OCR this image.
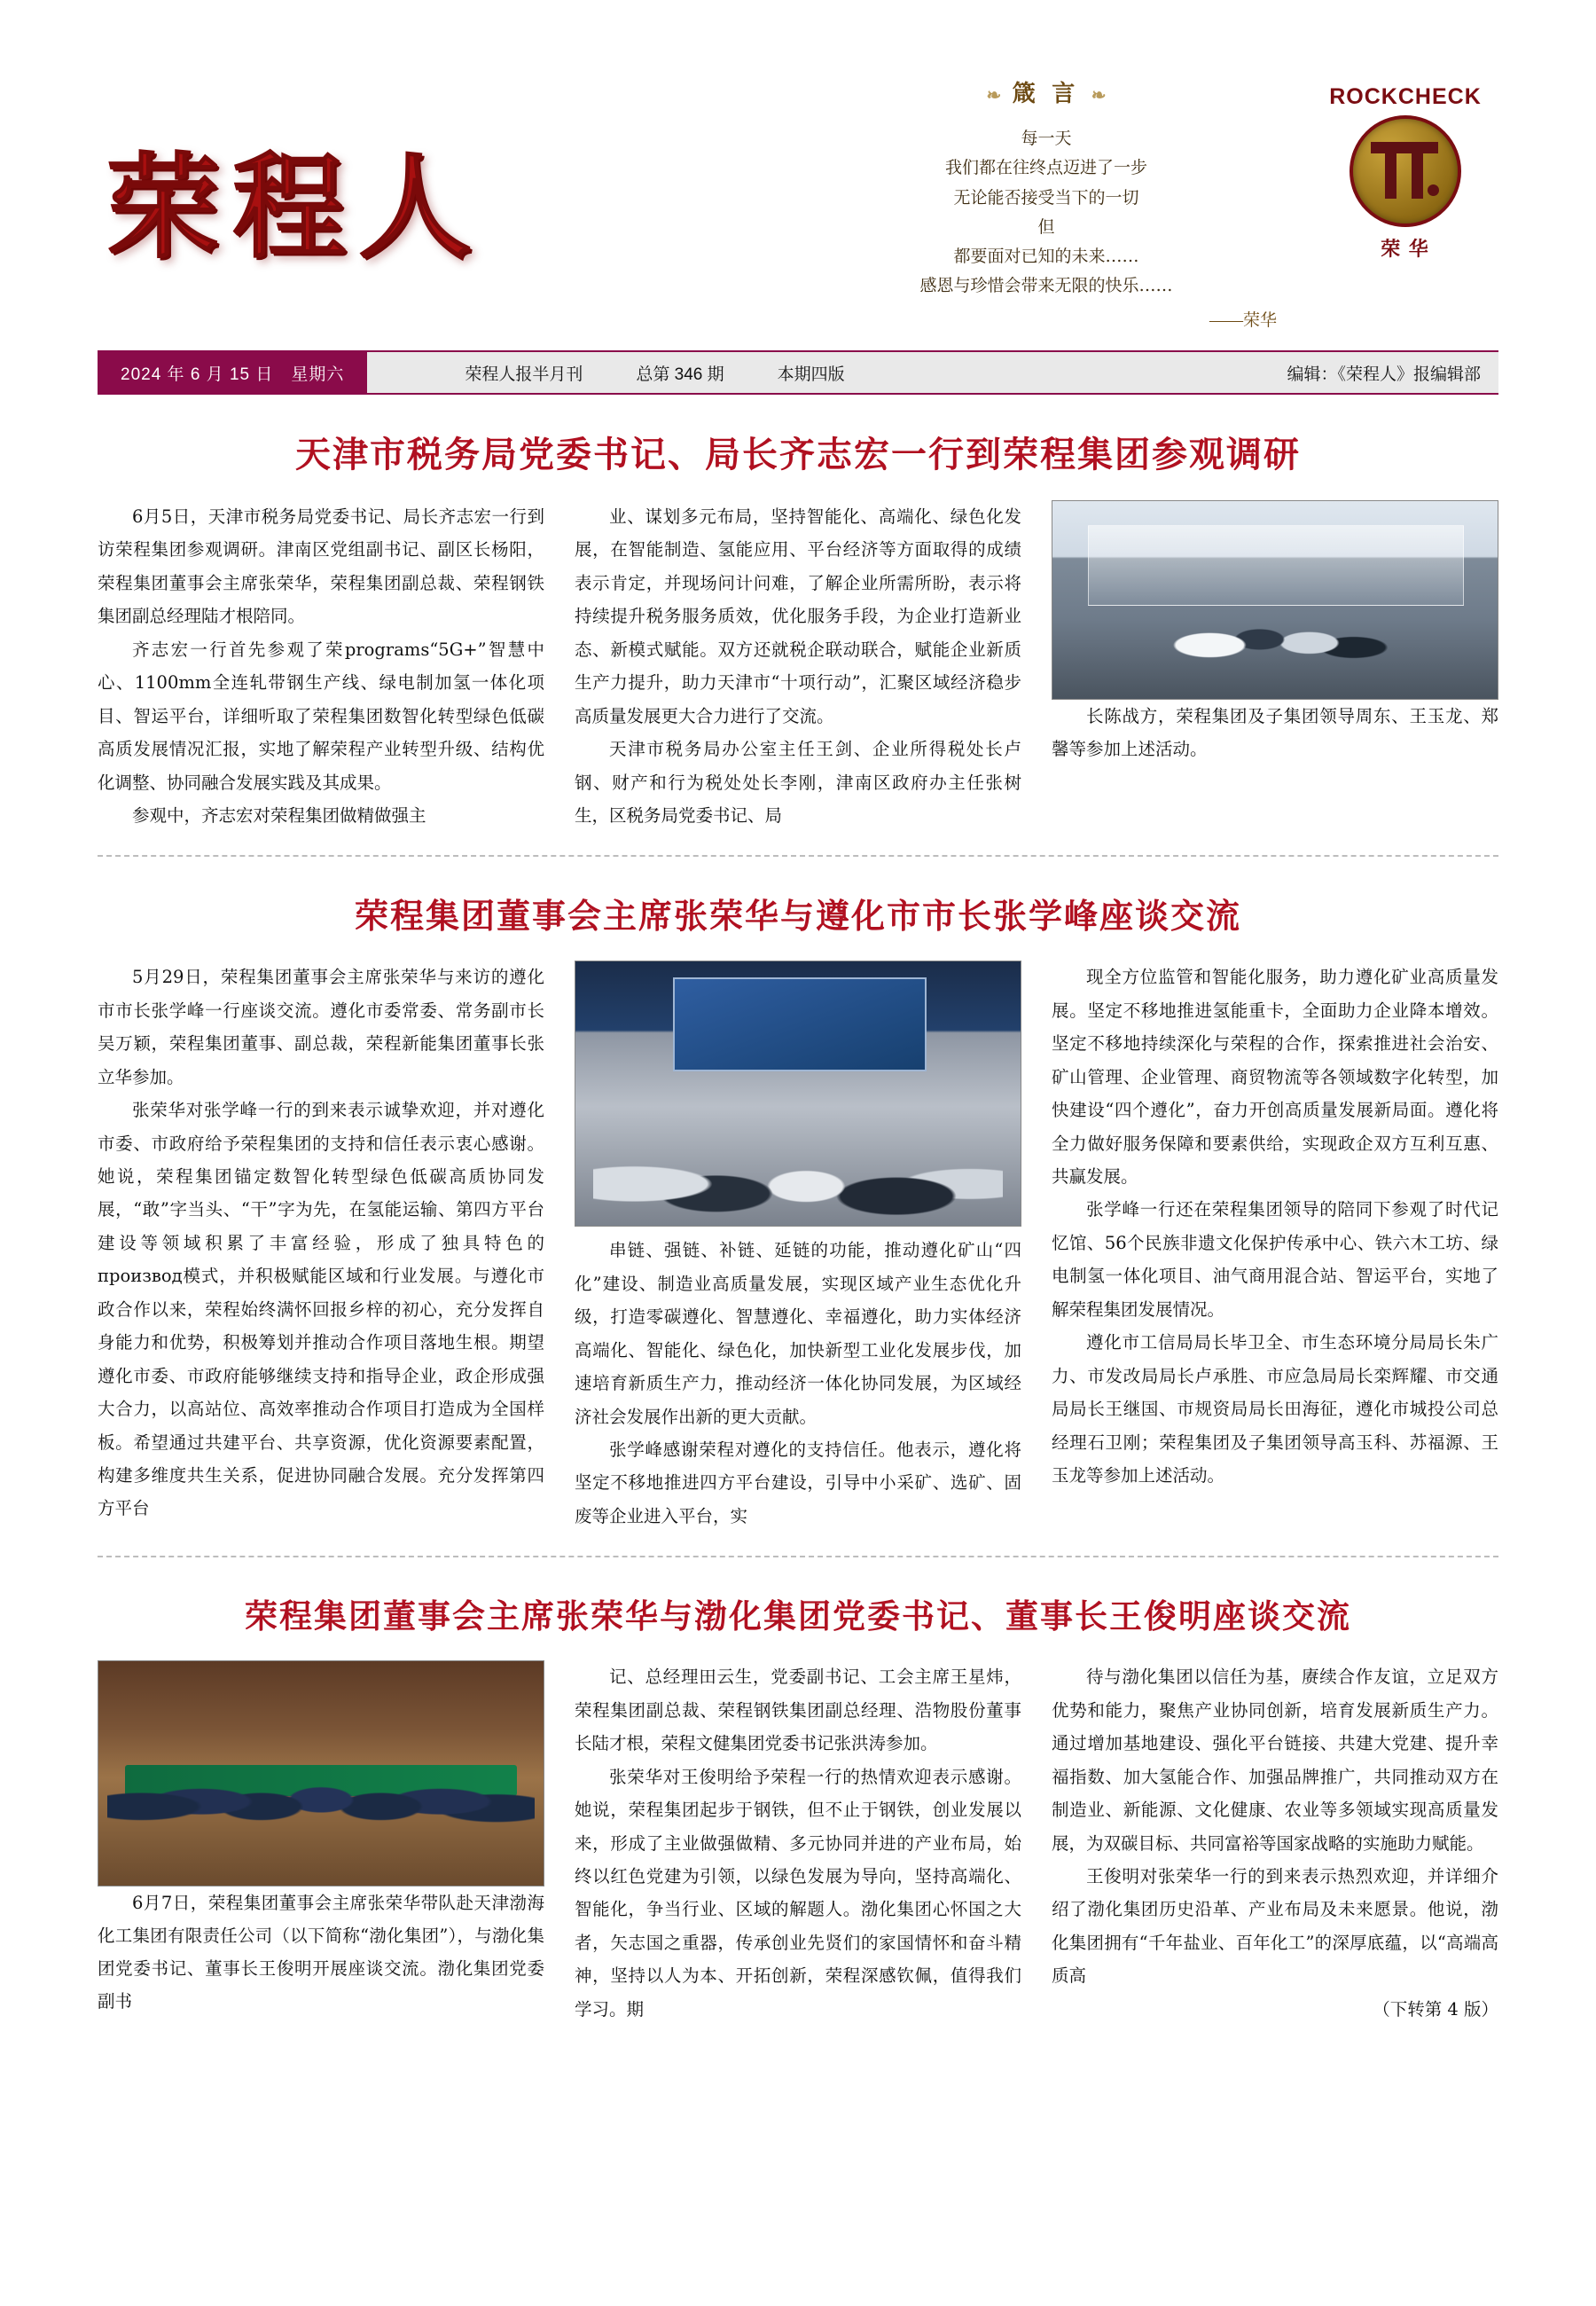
荣程人
❧ 箴 言 ❧
每一天
我们都在往终点迈进了一步
无论能否接受当下的一切
但
都要面对已知的未来……
感恩与珍惜会带来无限的快乐……
——荣华
ROCKCHECK
荣 华
2024 年 6 月 15 日　星期六	荣程人报半月刊	总第 346 期	本期四版	编辑：《荣程人》报编辑部
天津市税务局党委书记、局长齐志宏一行到荣程集团参观调研

6月5日，天津市税务局党委书记、局长齐志宏一行到访荣程集团参观调研。津南区党组副书记、副区长杨阳，荣程集团董事会主席张荣华，荣程集团副总裁、荣程钢铁集团副总经理陆才根陪同。

齐志宏一行首先参观了荣programs“5G+”智慧中心、1100mm全连轧带钢生产线、绿电制加氢一体化项目、智运平台，详细听取了荣程集团数智化转型绿色低碳高质发展情况汇报，实地了解荣程产业转型升级、结构优化调整、协同融合发展实践及其成果。

参观中，齐志宏对荣程集团做精做强主

业、谋划多元布局，坚持智能化、高端化、绿色化发展，在智能制造、氢能应用、平台经济等方面取得的成绩表示肯定，并现场问计问难，了解企业所需所盼，表示将持续提升税务服务质效，优化服务手段，为企业打造新业态、新模式赋能。双方还就税企联动联合，赋能企业新质生产力提升，助力天津市“十项行动”，汇聚区域经济稳步高质量发展更大合力进行了交流。

天津市税务局办公室主任王剑、企业所得税处长卢钢、财产和行为税处处长李刚，津南区政府办主任张树生，区税务局党委书记、局

长陈战方，荣程集团及子集团领导周东、王玉龙、郑馨等参加上述活动。

荣程集团董事会主席张荣华与遵化市市长张学峰座谈交流

5月29日，荣程集团董事会主席张荣华与来访的遵化市市长张学峰一行座谈交流。遵化市委常委、常务副市长吴万颖，荣程集团董事、副总裁，荣程新能集团董事长张立华参加。

张荣华对张学峰一行的到来表示诚挚欢迎，并对遵化市委、市政府给予荣程集团的支持和信任表示衷心感谢。她说，荣程集团锚定数智化转型绿色低碳高质协同发展，“敢”字当头、“干”字为先，在氢能运输、第四方平台建设等领域积累了丰富经验，形成了独具特色的производ模式，并积极赋能区域和行业发展。与遵化市政合作以来，荣程始终满怀回报乡梓的初心，充分发挥自身能力和优势，积极筹划并推动合作项目落地生根。期望遵化市委、市政府能够继续支持和指导企业，政企形成强大合力，以高站位、高效率推动合作项目打造成为全国样板。希望通过共建平台、共享资源，优化资源要素配置，构建多维度共生关系，促进协同融合发展。充分发挥第四方平台

串链、强链、补链、延链的功能，推动遵化矿山“四化”建设、制造业高质量发展，实现区域产业生态优化升级，打造零碳遵化、智慧遵化、幸福遵化，助力实体经济高端化、智能化、绿色化，加快新型工业化发展步伐，加速培育新质生产力，推动经济一体化协同发展，为区域经济社会发展作出新的更大贡献。

张学峰感谢荣程对遵化的支持信任。他表示，遵化将坚定不移地推进四方平台建设，引导中小采矿、选矿、固废等企业进入平台，实

现全方位监管和智能化服务，助力遵化矿业高质量发展。坚定不移地推进氢能重卡，全面助力企业降本增效。坚定不移地持续深化与荣程的合作，探索推进社会治安、矿山管理、企业管理、商贸物流等各领域数字化转型，加快建设“四个遵化”，奋力开创高质量发展新局面。遵化将全力做好服务保障和要素供给，实现政企双方互利互惠、共赢发展。

张学峰一行还在荣程集团领导的陪同下参观了时代记忆馆、56个民族非遗文化保护传承中心、铁六木工坊、绿电制氢一体化项目、油气商用混合站、智运平台，实地了解荣程集团发展情况。

遵化市工信局局长毕卫全、市生态环境分局局长朱广力、市发改局局长卢承胜、市应急局局长栾辉耀、市交通局局长王继国、市规资局局长田海征，遵化市城投公司总经理石卫刚；荣程集团及子集团领导高玉科、苏福源、王玉龙等参加上述活动。

荣程集团董事会主席张荣华与渤化集团党委书记、董事长王俊明座谈交流

6月7日，荣程集团董事会主席张荣华带队赴天津渤海化工集团有限责任公司（以下简称“渤化集团”），与渤化集团党委书记、董事长王俊明开展座谈交流。渤化集团党委副书

记、总经理田云生，党委副书记、工会主席王星炜，荣程集团副总裁、荣程钢铁集团副总经理、浩物股份董事长陆才根，荣程文健集团党委书记张洪涛参加。

张荣华对王俊明给予荣程一行的热情欢迎表示感谢。她说，荣程集团起步于钢铁，但不止于钢铁，创业发展以来，形成了主业做强做精、多元协同并进的产业布局，始终以红色党建为引领，以绿色发展为导向，坚持高端化、智能化，争当行业、区域的解题人。渤化集团心怀国之大者，矢志国之重器，传承创业先贤们的家国情怀和奋斗精神，坚持以人为本、开拓创新，荣程深感钦佩，值得我们学习。期

待与渤化集团以信任为基，赓续合作友谊，立足双方优势和能力，聚焦产业协同创新，培育发展新质生产力。通过增加基地建设、强化平台链接、共建大党建、提升幸福指数、加大氢能合作、加强品牌推广，共同推动双方在制造业、新能源、文化健康、农业等多领域实现高质量发展，为双碳目标、共同富裕等国家战略的实施助力赋能。

王俊明对张荣华一行的到来表示热烈欢迎，并详细介绍了渤化集团历史沿革、产业布局及未来愿景。他说，渤化集团拥有“千年盐业、百年化工”的深厚底蕴，以“高端高质高

（下转第 4 版）
